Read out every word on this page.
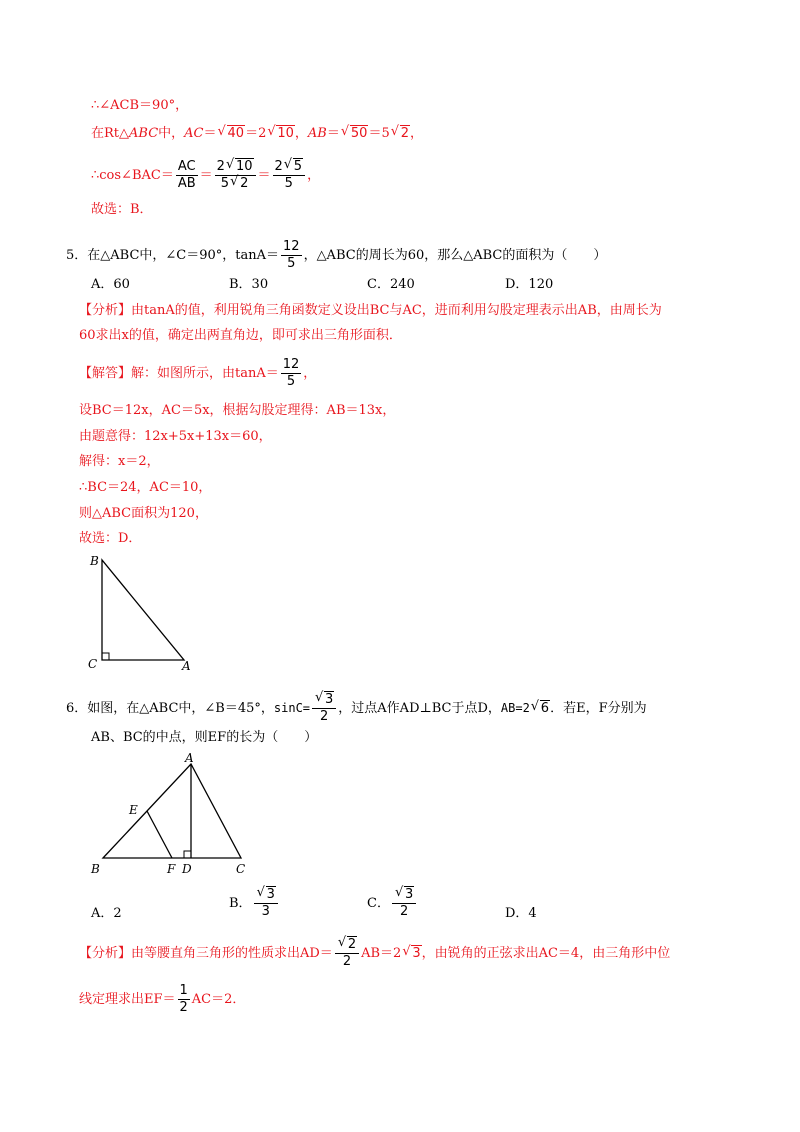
∴∠ACB＝90°，
在Rt△ABC中，AC＝ √ 40＝2 √ 10，AB＝ √ 50＝5 √ 2，
∴cos∠BAC＝ $\frac{AC}{AB} = \frac{2 √ 10}{5 √ 2} = \frac{2 √ 5}{5}$ ，
故选：B．
5．在△ABC中，∠C＝90°，$\tan A= \frac{12}{5}$ ，△ABC的周长为60，那么△ABC的面积为（　　）
A．60	B．30	C．240	D．120
【分析】由tanA的值，利用锐角三角函数定义设出BC与AC，进而利用勾股定理表示出AB，由周长为
60求出x的值，确定出两直角边，即可求出三角形面积．
【解答】解：如图所示，由$\tan A= \frac{12}{5}$ ，
设BC＝12x，AC＝5x，根据勾股定理得：AB＝13x，
由题意得：12x+5x+13x＝60，
解得：x＝2，
∴BC＝24，AC＝10，
则△ABC面积为120，
故选：D．
B
C	A
6．如图，在△ABC中，∠B＝45°，$\sin C= \frac{√ 3}{2}$ ，过点A作AD⊥BC于点D，AB=2 √ 6．若E，F分别为
AB、BC的中点，则EF的长为（　　）
A
E
B	F D	C
A．2
B． $\frac{√ 3}{3}$	C． $\frac{√ 3}{2}$	D．4
【分析】由等腰直角三角形的性质求出$AD= \frac{√ 2}{2} AB=2$ √ 3，由锐角的正弦求出AC＝4，由三角形中位
线定理求出$EF= \frac{1}{2} AC=2$．
